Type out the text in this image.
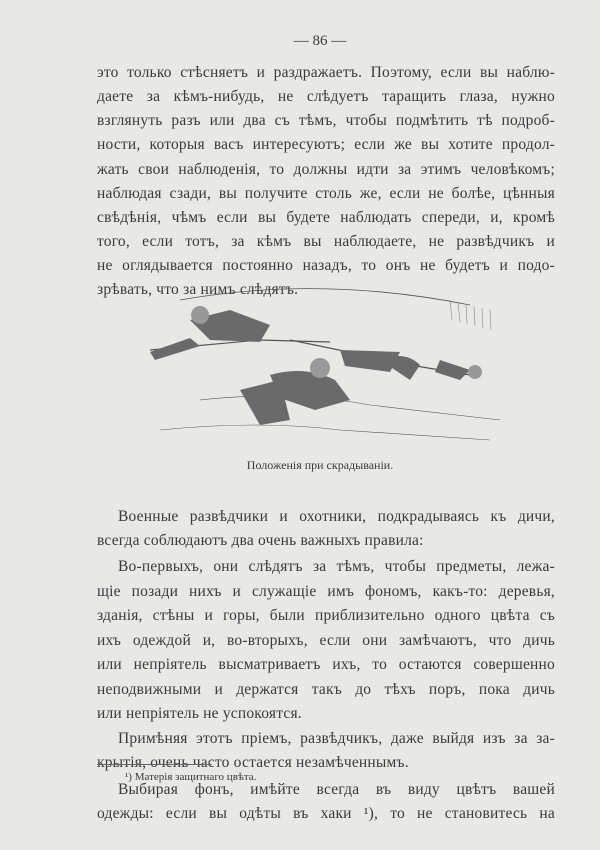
— 86 —
это только стѣсняетъ и раздражаетъ. Поэтому, если вы наблю-
даете за кѣмъ-нибудь, не слѣдуетъ таращить глаза, нужно
взглянуть разъ или два съ тѣмъ, чтобы подмѣтить тѣ подроб-
ности, которыя васъ интересуютъ; если же вы хотите продол-
жать свои наблюденія, то должны идти за этимъ человѣкомъ;
наблюдая сзади, вы получите столь же, если не болѣе, цѣнныя
свѣдѣнія, чѣмъ если вы будете наблюдать спереди, и, кромѣ
того, если тотъ, за кѣмъ вы наблюдаете, не развѣдчикъ и
не оглядывается постоянно назадъ, то онъ не будетъ и подо-
зрѣвать, что за нимъ слѣдятъ.
Положенія при скрадываніи.
Военные развѣдчики и охотники, подкрадываясь къ дичи,
всегда соблюдаютъ два очень важныхъ правила:
Во-первыхъ, они слѣдятъ за тѣмъ, чтобы предметы, лежа-
щіе позади нихъ и служащіе имъ фономъ, какъ-то: деревья,
зданія, стѣны и горы, были приблизительно одного цвѣта съ
ихъ одеждой и, во-вторыхъ, если они замѣчаютъ, что дичь
или непріятель высматриваетъ ихъ, то остаются совершенно
неподвижными и держатся такъ до тѣхъ поръ, пока дичь
или непріятель не успокоятся.
Примѣняя этотъ пріемъ, развѣдчикъ, даже выйдя изъ за за-
крытія, очень часто остается незамѣченнымъ.
Выбирая фонъ, имѣйте всегда въ виду цвѣтъ вашей
одежды: если вы одѣты въ хаки ¹), то не становитесь на
¹) Матерія защитнаго цвѣта.
